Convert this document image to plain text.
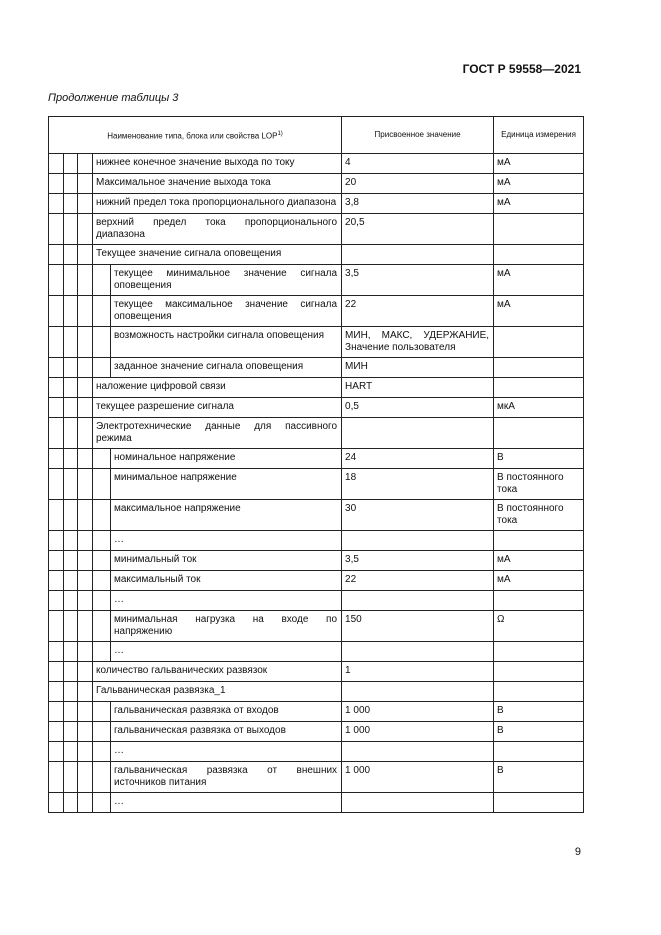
ГОСТ Р 59558—2021
Продолжение таблицы 3
Наименование типа, блока или свойства LOP$^{1)}$					Присвоенное значение	Единица измерения
			нижнее конечное значение выхода по току		4	мА
			Максимальное значение выхода тока		20	мА
			нижний предел тока пропорционального диапазона		3,8	мА
			верхний предел тока пропорционального диапазона		20,5	
			Текущее значение сигнала оповещения			
				текущее минимальное значение сигнала оповещения	3,5	мА
				текущее максимальное значение сигнала оповещения	22	мА
				возможность настройки сигнала оповещения	МИН, МАКС, УДЕРЖАНИЕ, Значение пользователя	
				заданное значение сигнала оповещения	МИН	
			наложение цифровой связи		HART	
			текущее разрешение сигнала		0,5	мкА
			Электротехнические данные для пассивного режима			
				номинальное напряжение	24	В
				минимальное напряжение	18	В постоянного тока
				максимальное напряжение	30	В постоянного тока
				…		
				минимальный ток	3,5	мА
				максимальный ток	22	мА
				…		
				минимальная нагрузка на входе по напряжению	150	Ω
				…		
			количество гальванических развязок		1	
			Гальваническая развязка_1			
				гальваническая развязка от входов	1 000	В
				гальваническая развязка от выходов	1 000	В
				…		
				гальваническая развязка от внешних источников питания	1 000	В
				…		
9
